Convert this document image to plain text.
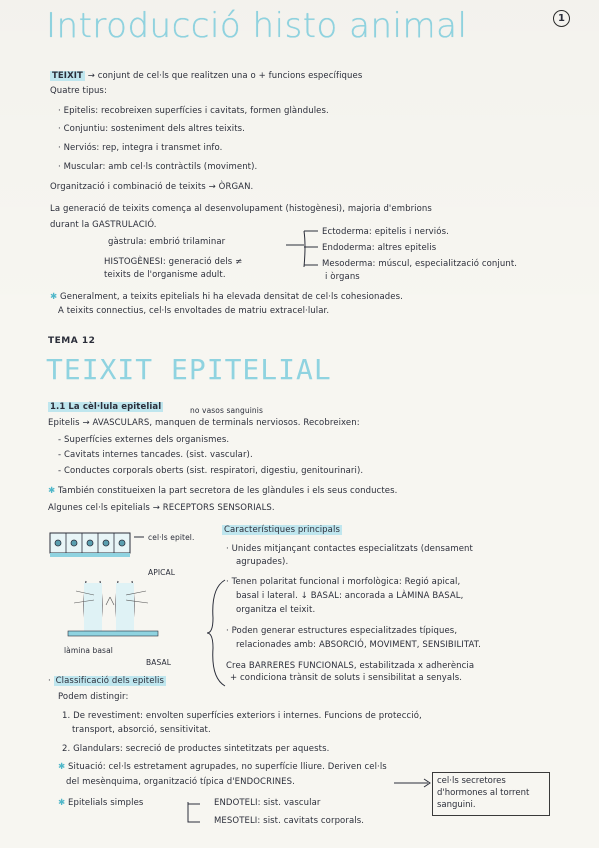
Introducció histo animal	1
TEIXIT → conjunt de cel·ls que realitzen una o + funcions específiques
Quatre tipus:
· Epitelis: recobreixen superfícies i cavitats, formen glàndules.
· Conjuntiu: sosteniment dels altres teixits.
· Nerviós: rep, integra i transmet info.
· Muscular: amb cel·ls contràctils (moviment).
Organització i combinació de teixits → ÒRGAN.
La generació de teixits comença al desenvolupament (histogènesi), majoria d'embrions
durant la GASTRULACIÓ.
gàstrula: embrió trilaminar
Ectoderma: epitelis i nerviós.
Endoderma: altres epitelis
HISTOGÈNESI: generació dels ≠	Mesoderma: múscul, especialització conjunt.
teixits de l'organisme adult.	i òrgans
✱ Generalment, a teixits epitelials hi ha elevada densitat de cel·ls cohesionades.
A teixits connectius, cel·ls envoltades de matriu extracel·lular.
TEMA 12
TEIXIT EPITELIAL
1.1 La cèl·lula epitelial	no vasos sanguinis
Epitelis → AVASCULARS, manquen de terminals nerviosos. Recobreixen:
- Superfícies externes dels organismes.
- Cavitats internes tancades. (sist. vascular).
- Conductes corporals oberts (sist. respiratori, digestiu, genitourinari).
✱ También constitueixen la part secretora de les glàndules i els seus conductes.
Algunes cel·ls epitelials → RECEPTORS SENSORIALS.
cel·ls epitel.
APICAL
làmina basal
BASAL
Característiques principals
· Unides mitjançant contactes especialitzats (densament
agrupades).
· Tenen polaritat funcional i morfològica: Regió apical,
basal i lateral. ↓ BASAL: ancorada a LÀMINA BASAL,
organitza el teixit.
· Poden generar estructures especialitzades típiques,
relacionades amb: ABSORCIÓ, MOVIMENT, SENSIBILITAT.
Crea BARRERES FUNCIONALS, estabilitzada x adherència
+ condiciona trànsit de soluts i sensibilitat a senyals.
· Classificació dels epitelis
Podem distingir:
1. De revestiment: envolten superfícies exteriors i internes. Funcions de protecció,
transport, absorció, sensitivitat.
2. Glandulars: secreció de productes sintetitzats per aquests.
✱ Situació: cel·ls estretament agrupades, no superfície lliure. Deriven cel·ls
del mesènquima, organització típica d'ENDOCRINES.	cel·ls secretores d'hormones al torrent sanguini.
✱ Epitelials simples	ENDOTELI: sist. vascular
MESOTELI: sist. cavitats corporals.
